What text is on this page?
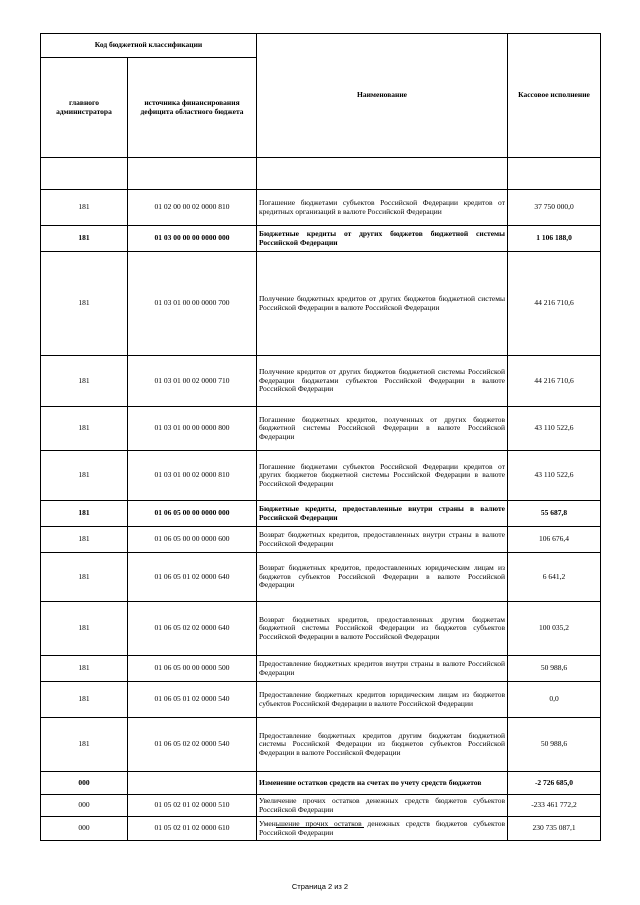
Код бюджетной классификации		Наименование	Кассовое исполнение
главного администратора	источника финансирования дефицита областного бюджета		

181	01 02 00 00 02 0000 810	Погашение бюджетами субъектов Российской Федерации кредитов от кредитных организаций в валюте Российской Федерации	37 750 000,0
181	01 03 00 00 00 0000 000	Бюджетные кредиты от других бюджетов бюджетной системы Российской Федерации	1 106 188,0
181	01 03 01 00 00 0000 700	Получение бюджетных кредитов от других бюджетов бюджетной системы Российской Федерации в валюте Российской Федерации	44 216 710,6
181	01 03 01 00 02 0000 710	Получение кредитов от других бюджетов бюджетной системы Российской Федерации бюджетами субъектов Российской Федерации в валюте Российской Федерации	44 216 710,6
181	01 03 01 00 00 0000 800	Погашение бюджетных кредитов, полученных от других бюджетов бюджетной системы Российской Федерации в валюте Российской Федерации	43 110 522,6
181	01 03 01 00 02 0000 810	Погашение бюджетами субъектов Российской Федерации кредитов от других бюджетов бюджетной системы Российской Федерации в валюте Российской Федерации	43 110 522,6
181	01 06 05 00 00 0000 000	Бюджетные кредиты, предоставленные внутри страны в валюте Российской Федерации	55 687,8
181	01 06 05 00 00 0000 600	Возврат бюджетных кредитов, предоставленных внутри страны в валюте Российской Федерации	106 676,4
181	01 06 05 01 02 0000 640	Возврат бюджетных кредитов, предоставленных юридическим лицам из бюджетов субъектов Российской Федерации в валюте Российской Федерации	6 641,2
181	01 06 05 02 02 0000 640	Возврат бюджетных кредитов, предоставленных другим бюджетам бюджетной системы Российской Федерации из бюджетов субъектов Российской Федерации в валюте Российской Федерации	100 035,2
181	01 06 05 00 00 0000 500	Предоставление бюджетных кредитов внутри страны в валюте Российской Федерации	50 988,6
181	01 06 05 01 02 0000 540	Предоставление бюджетных кредитов юридическим лицам из бюджетов субъектов Российской Федерации в валюте Российской Федерации	0,0
181	01 06 05 02 02 0000 540	Предоставление бюджетных кредитов другим бюджетам бюджетной системы Российской Федерации из бюджетов субъектов Российской Федерации в валюте Российской Федерации	50 988,6
000		Изменение остатков средств на счетах по учету средств бюджетов	-2 726 685,0
000	01 05 02 01 02 0000 510	Увеличение прочих остатков денежных средств бюджетов субъектов Российской Федерации	-233 461 772,2
000	01 05 02 01 02 0000 610	Уменьшение прочих остатков денежных средств бюджетов субъектов Российской Федерации	230 735 087,1
Страница 2 из 2
